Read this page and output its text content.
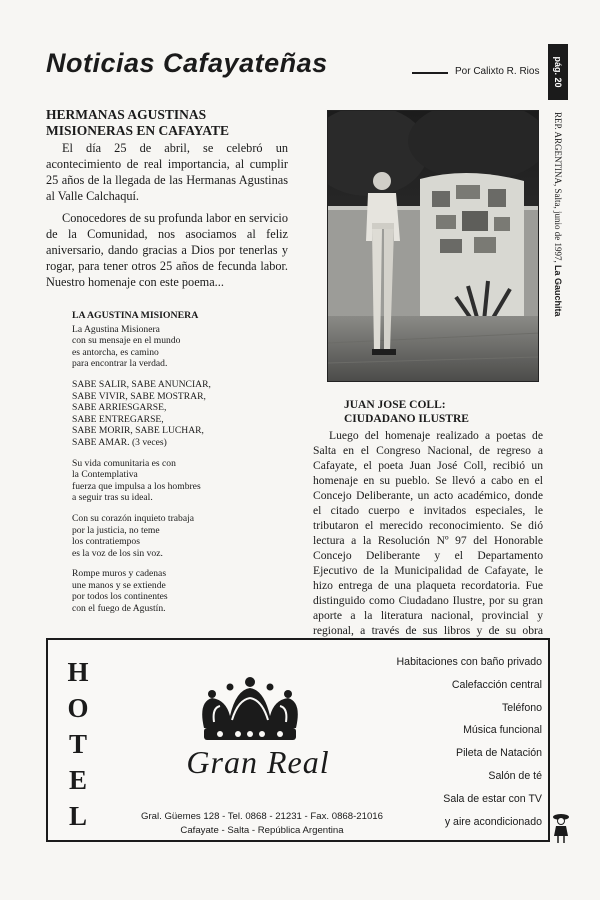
Noticias Cafayateñas	Por Calixto R. Rios pág. 20
REP. ARGENTINA, Salta, junio de 1997, La Gauchita
HERMANAS AGUSTINAS MISIONERAS EN CAFAYATE

El día 25 de abril, se celebró un acontecimiento de real importancia, al cumplir 25 años de la llegada de las Hermanas Agustinas al Valle Calchaquí.

Conocedores de su profunda labor en servicio de la Comunidad, nos asociamos al feliz aniversario, dando gracias a Dios por tenerlas y rogar, para tener otros 25 años de fecunda labor. Nuestro homenaje con este poema...

LA AGUSTINA MISIONERA
La Agustina Misionera
con su mensaje en el mundo
es antorcha, es camino
para encontrar la verdad.
SABE SALIR, SABE ANUNCIAR,
SABE VIVIR, SABE MOSTRAR,
SABE ARRIESGARSE,
SABE ENTREGARSE,
SABE MORIR, SABE LUCHAR,
SABE AMAR. (3 veces)
Su vida comunitaria es con
la Contemplativa
fuerza que impulsa a los hombres
a seguir tras su ideal.
Con su corazón inquieto trabaja
por la justicia, no teme
los contratiempos
es la voz de los sin voz.
Rompe muros y cadenas
une manos y se extiende
por todos los continentes
con el fuego de Agustín.
JUAN JOSE COLL:
CIUDADANO ILUSTRE
Luego del homenaje realizado a poetas de Salta en el Congreso Nacional, de regreso a Cafayate, el poeta Juan José Coll, recibió un homenaje en su pueblo. Se llevó a cabo en el Concejo Deliberante, un acto académico, donde el citado cuerpo e invitados especiales, le tributaron el merecido reconocimiento. Se dió lectura a la Resolución Nº 97 del Honorable Concejo Deliberante y el Departamento Ejecutivo de la Municipalidad de Cafayate, le hizo entrega de una plaqueta recordatoria. Fue distinguido como Ciudadano Ilustre, por su gran aporte a la literatura nacional, provincial y regional, a través de sus libros y de su obra
H
O
T
E
L
Gran Real
Gral. Güemes 128 - Tel. 0868 - 21231 - Fax. 0868-21016
Cafayate - Salta - República Argentina
Habitaciones con baño privado
Calefacción central
Teléfono
Música funcional
Pileta de Natación
Salón de té
Sala de estar con TV
y aire acondicionado
